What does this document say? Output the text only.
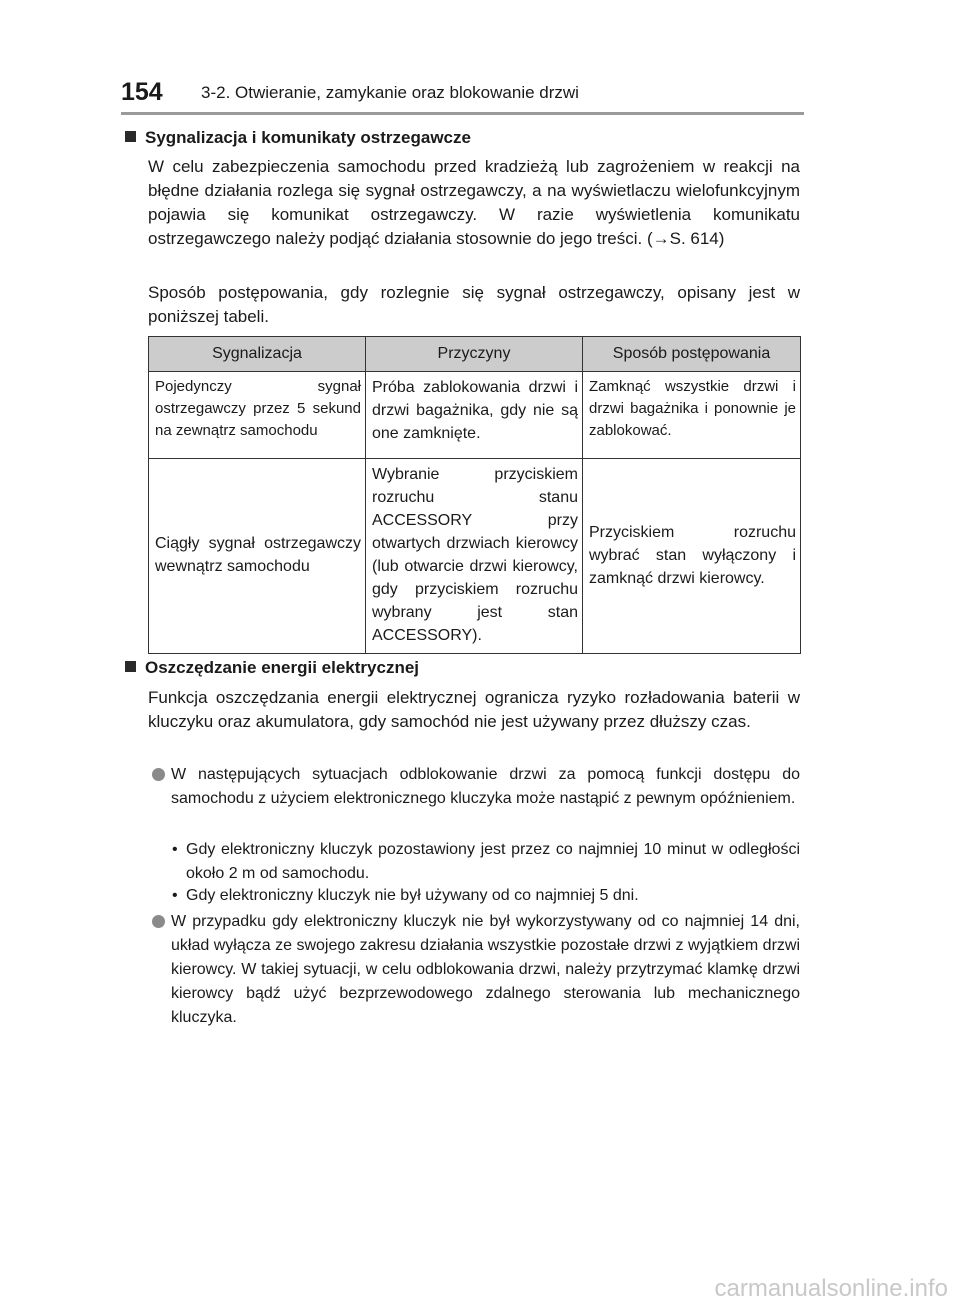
154 3-2. Otwieranie, zamykanie oraz blokowanie drzwi
Sygnalizacja i komunikaty ostrzegawcze

W celu zabezpieczenia samochodu przed kradzieżą lub zagrożeniem w reakcji na błędne działania rozlega się sygnał ostrzegawczy, a na wyświetlaczu wielofunkcyjnym pojawia się komunikat ostrzegawczy. W razie wyświetlenia komunikatu ostrzegawczego należy podjąć działania stosownie do jego treści. (→S. 614)

Sposób postępowania, gdy rozlegnie się sygnał ostrzegawczy, opisany jest w poniższej tabeli.

Sygnalizacja	Przyczyny	Sposób postępowania
Pojedynczy sygnał ostrzegawczy przez 5 sekund na zewnątrz samochodu	Próba zablokowania drzwi i drzwi bagażnika, gdy nie są one zamknięte.	Zamknąć wszystkie drzwi i drzwi bagażnika i ponownie je zablokować.
Ciągły sygnał ostrzegawczy wewnątrz samochodu	Wybranie przyciskiem rozruchu stanu ACCESSORY przy otwartych drzwiach kierowcy (lub otwarcie drzwi kierowcy, gdy przyciskiem rozruchu wybrany jest stan ACCESSORY).	Przyciskiem rozruchu wybrać stan wyłączony i zamknąć drzwi kierowcy.
Oszczędzanie energii elektrycznej

Funkcja oszczędzania energii elektrycznej ogranicza ryzyko rozładowania baterii w kluczyku oraz akumulatora, gdy samochód nie jest używany przez dłuższy czas.

W następujących sytuacjach odblokowanie drzwi za pomocą funkcji dostępu do samochodu z użyciem elektronicznego kluczyka może nastąpić z pewnym opóźnieniem.

• Gdy elektroniczny kluczyk pozostawiony jest przez co najmniej 10 minut w odległości około 2 m od samochodu.

• Gdy elektroniczny kluczyk nie był używany od co najmniej 5 dni.

W przypadku gdy elektroniczny kluczyk nie był wykorzystywany od co najmniej 14 dni, układ wyłącza ze swojego zakresu działania wszystkie pozostałe drzwi z wyjątkiem drzwi kierowcy. W takiej sytuacji, w celu odblokowania drzwi, należy przytrzymać klamkę drzwi kierowcy bądź użyć bezprzewodowego zdalnego sterowania lub mechanicznego kluczyka.

carmanualsonline.info
